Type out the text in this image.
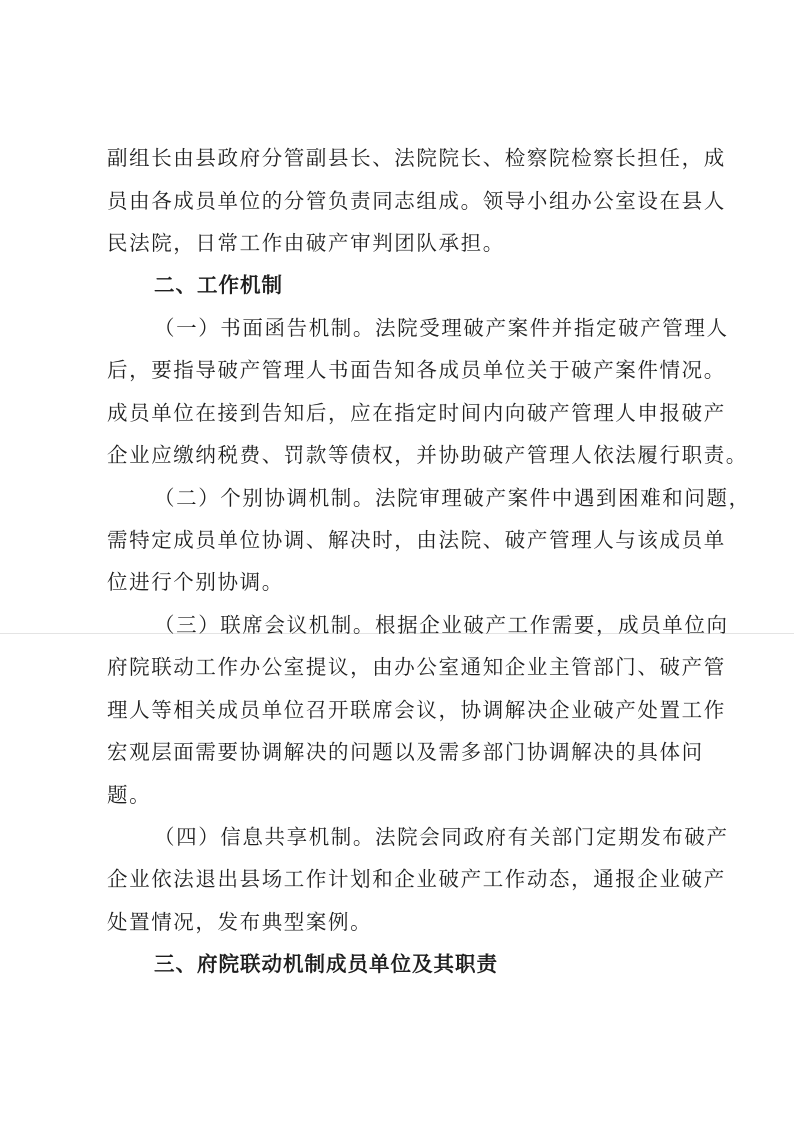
副组长由县政府分管副县长、法院院长、检察院检察长担任，成
员由各成员单位的分管负责同志组成。领导小组办公室设在县人
民法院，日常工作由破产审判团队承担。
二、工作机制
（一）书面函告机制。法院受理破产案件并指定破产管理人
后，要指导破产管理人书面告知各成员单位关于破产案件情况。
成员单位在接到告知后，应在指定时间内向破产管理人申报破产
企业应缴纳税费、罚款等债权，并协助破产管理人依法履行职责。
（二）个别协调机制。法院审理破产案件中遇到困难和问题，
需特定成员单位协调、解决时，由法院、破产管理人与该成员单
位进行个别协调。
（三）联席会议机制。根据企业破产工作需要，成员单位向
府院联动工作办公室提议，由办公室通知企业主管部门、破产管
理人等相关成员单位召开联席会议，协调解决企业破产处置工作
宏观层面需要协调解决的问题以及需多部门协调解决的具体问
题。
（四）信息共享机制。法院会同政府有关部门定期发布破产
企业依法退出县场工作计划和企业破产工作动态，通报企业破产
处置情况，发布典型案例。
三、府院联动机制成员单位及其职责
